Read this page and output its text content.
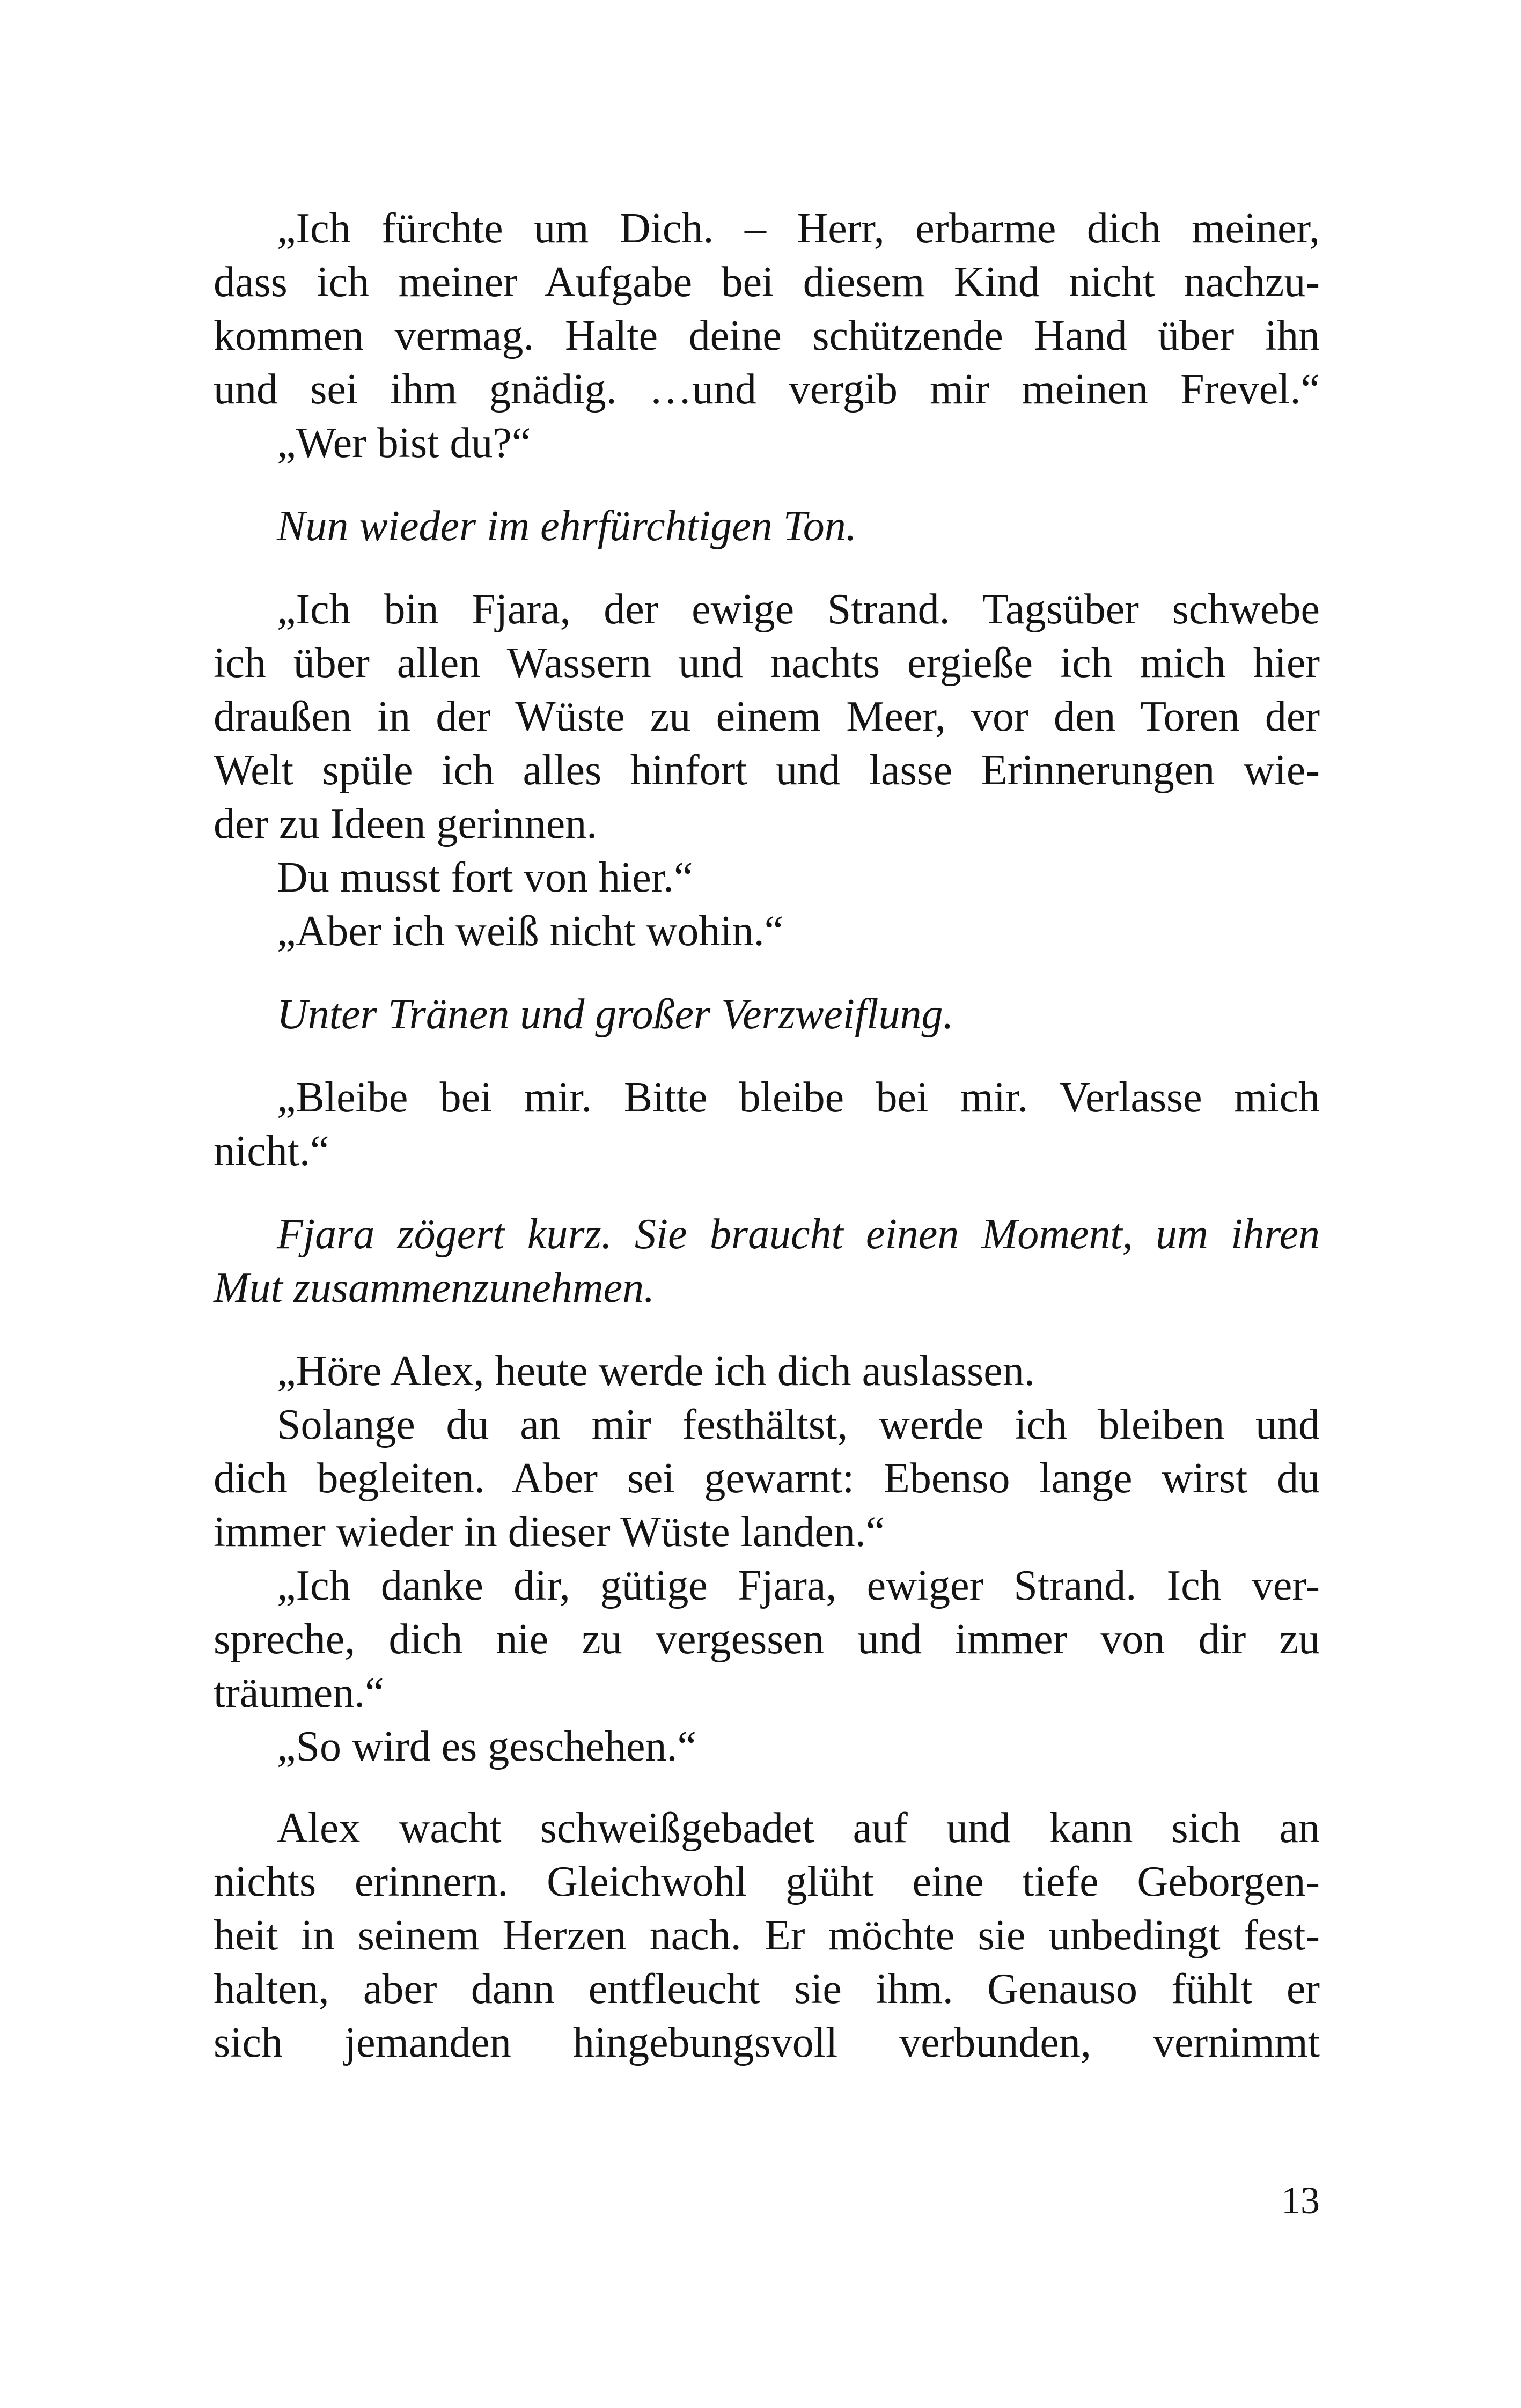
„Ich fürchte um Dich. – Herr, erbarme dich meiner,
dass ich meiner Aufgabe bei diesem Kind nicht nachzu-
kommen vermag. Halte deine schützende Hand über ihn
und sei ihm gnädig. …und vergib mir meinen Frevel.“
„Wer bist du?“
Nun wieder im ehrfürchtigen Ton.
„Ich bin Fjara, der ewige Strand. Tagsüber schwebe
ich über allen Wassern und nachts ergieße ich mich hier
draußen in der Wüste zu einem Meer, vor den Toren der
Welt spüle ich alles hinfort und lasse Erinnerungen wie-
der zu Ideen gerinnen.
Du musst fort von hier.“
„Aber ich weiß nicht wohin.“
Unter Tränen und großer Verzweiflung.
„Bleibe bei mir. Bitte bleibe bei mir. Verlasse mich
nicht.“
Fjara zögert kurz. Sie braucht einen Moment, um ihren
Mut zusammenzunehmen.
„Höre Alex, heute werde ich dich auslassen.
Solange du an mir festhältst, werde ich bleiben und
dich begleiten. Aber sei gewarnt: Ebenso lange wirst du
immer wieder in dieser Wüste landen.“
„Ich danke dir, gütige Fjara, ewiger Strand. Ich ver-
spreche, dich nie zu vergessen und immer von dir zu
träumen.“
„So wird es geschehen.“
Alex wacht schweißgebadet auf und kann sich an
nichts erinnern. Gleichwohl glüht eine tiefe Geborgen-
heit in seinem Herzen nach. Er möchte sie unbedingt fest-
halten, aber dann entfleucht sie ihm. Genauso fühlt er
sich jemanden hingebungsvoll verbunden, vernimmt
13
